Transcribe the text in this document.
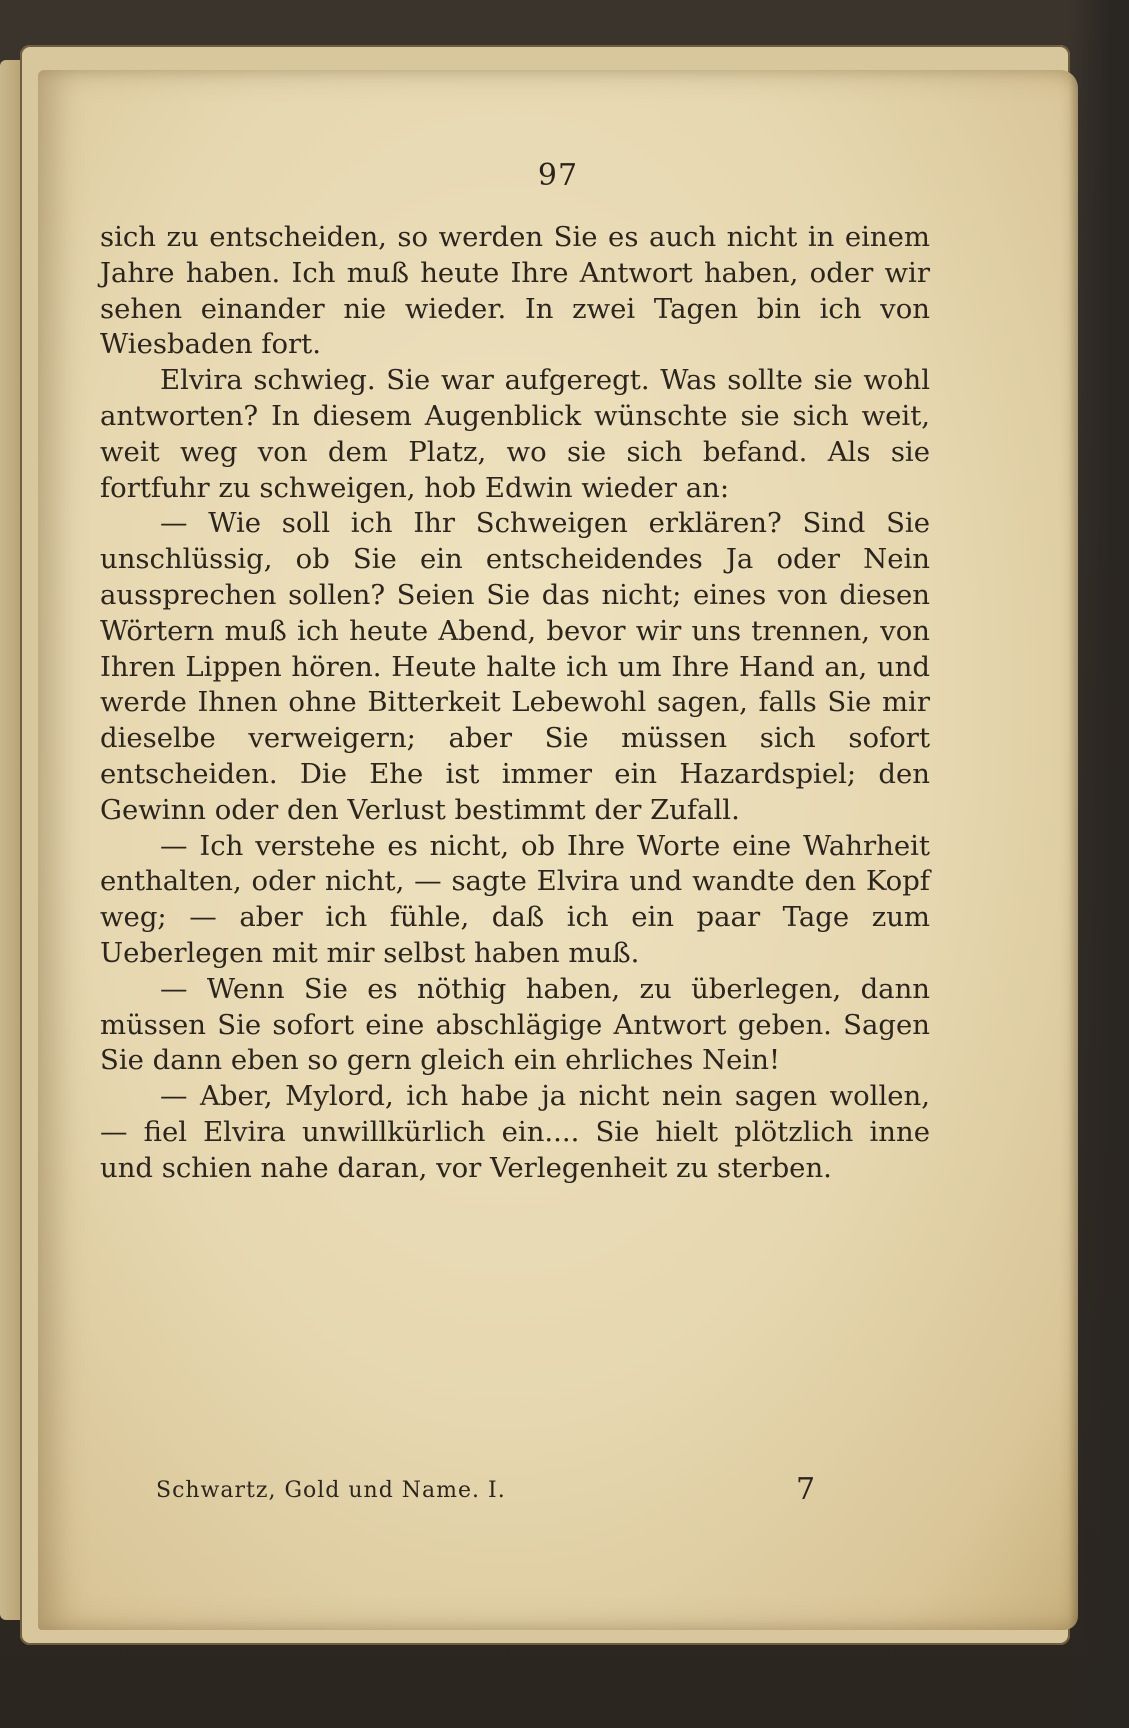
97

sich zu entscheiden, so werden Sie es auch nicht in einem Jahre haben. Ich muß heute Ihre Antwort haben, oder wir sehen einander nie wieder. In zwei Tagen bin ich von Wiesbaden fort.

Elvira schwieg. Sie war aufgeregt. Was sollte sie wohl antworten? In diesem Augenblick wünschte sie sich weit, weit weg von dem Platz, wo sie sich befand. Als sie fortfuhr zu schweigen, hob Edwin wieder an:

— Wie soll ich Ihr Schweigen erklären? Sind Sie unschlüssig, ob Sie ein entscheidendes Ja oder Nein aussprechen sollen? Seien Sie das nicht; eines von diesen Wörtern muß ich heute Abend, bevor wir uns trennen, von Ihren Lippen hören. Heute halte ich um Ihre Hand an, und werde Ihnen ohne Bitterkeit Lebewohl sagen, falls Sie mir dieselbe verweigern; aber Sie müssen sich sofort entscheiden. Die Ehe ist immer ein Hazardspiel; den Gewinn oder den Verlust bestimmt der Zufall.

— Ich verstehe es nicht, ob Ihre Worte eine Wahrheit enthalten, oder nicht, — sagte Elvira und wandte den Kopf weg; — aber ich fühle, daß ich ein paar Tage zum Ueberlegen mit mir selbst haben muß.

— Wenn Sie es nöthig haben, zu überlegen, dann müssen Sie sofort eine abschlägige Antwort geben. Sagen Sie dann eben so gern gleich ein ehrliches Nein!

— Aber, Mylord, ich habe ja nicht nein sagen wollen, — fiel Elvira unwillkürlich ein.... Sie hielt plötzlich inne und schien nahe daran, vor Verlegenheit zu sterben.

Schwartz, Gold und Name. I.	7
